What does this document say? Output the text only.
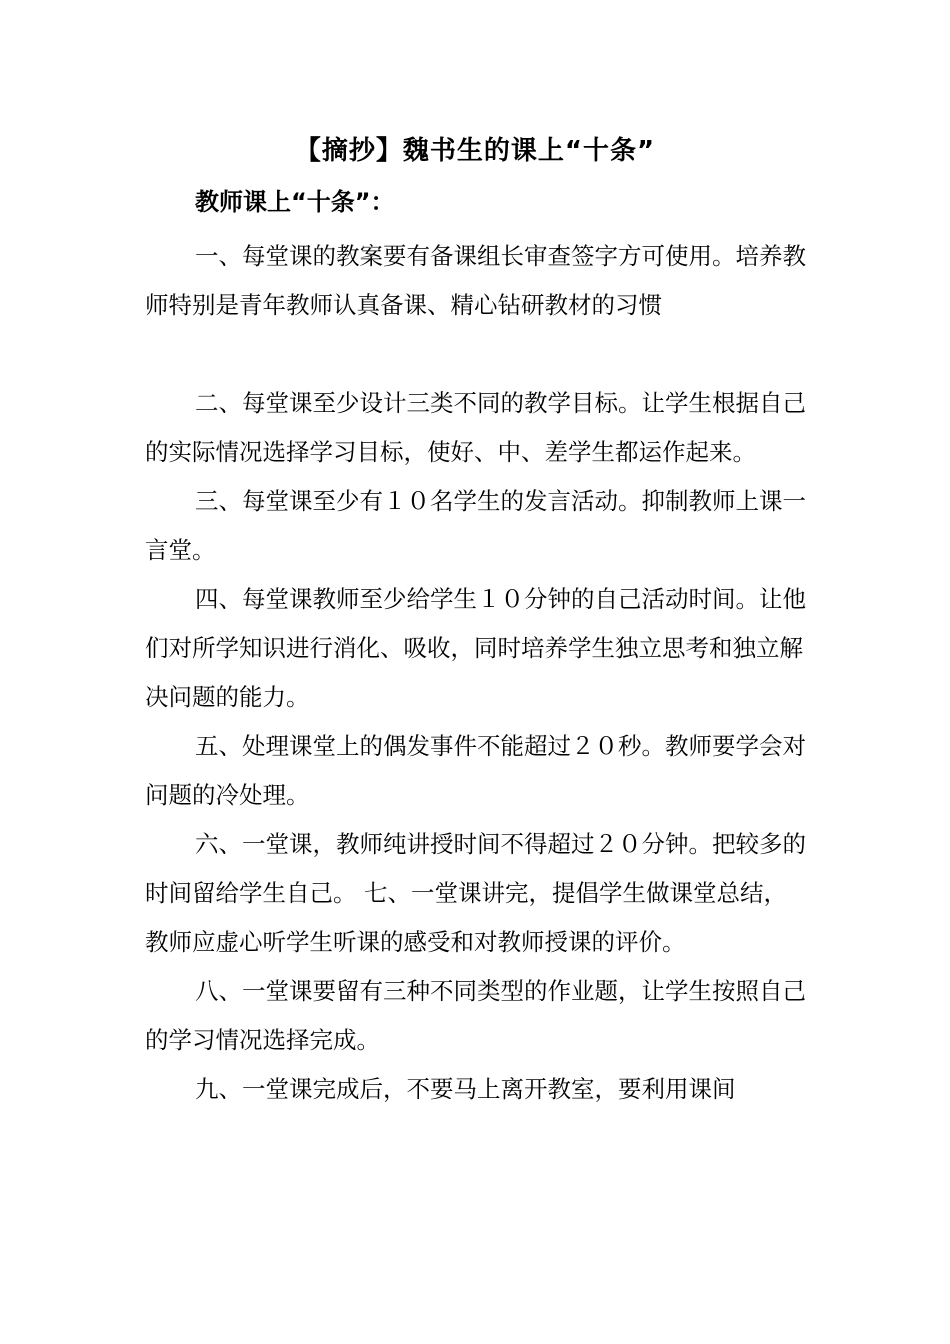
【摘抄】魏书生的课上“十条”
教师课上“十条”：

一、每堂课的教案要有备课组长审查签字方可使用。培养教师特别是青年教师认真备课、精心钻研教材的习惯

二、每堂课至少设计三类不同的教学目标。让学生根据自己的实际情况选择学习目标，使好、中、差学生都运作起来。

三、每堂课至少有１０名学生的发言活动。抑制教师上课一言堂。

四、每堂课教师至少给学生１０分钟的自己活动时间。让他们对所学知识进行消化、吸收，同时培养学生独立思考和独立解决问题的能力。

五、处理课堂上的偶发事件不能超过２０秒。教师要学会对问题的冷处理。

六、一堂课，教师纯讲授时间不得超过２０分钟。把较多的时间留给学生自己。 七、一堂课讲完，提倡学生做课堂总结，教师应虚心听学生听课的感受和对教师授课的评价。

八、一堂课要留有三种不同类型的作业题，让学生按照自己的学习情况选择完成。

九、一堂课完成后，不要马上离开教室，要利用课间
